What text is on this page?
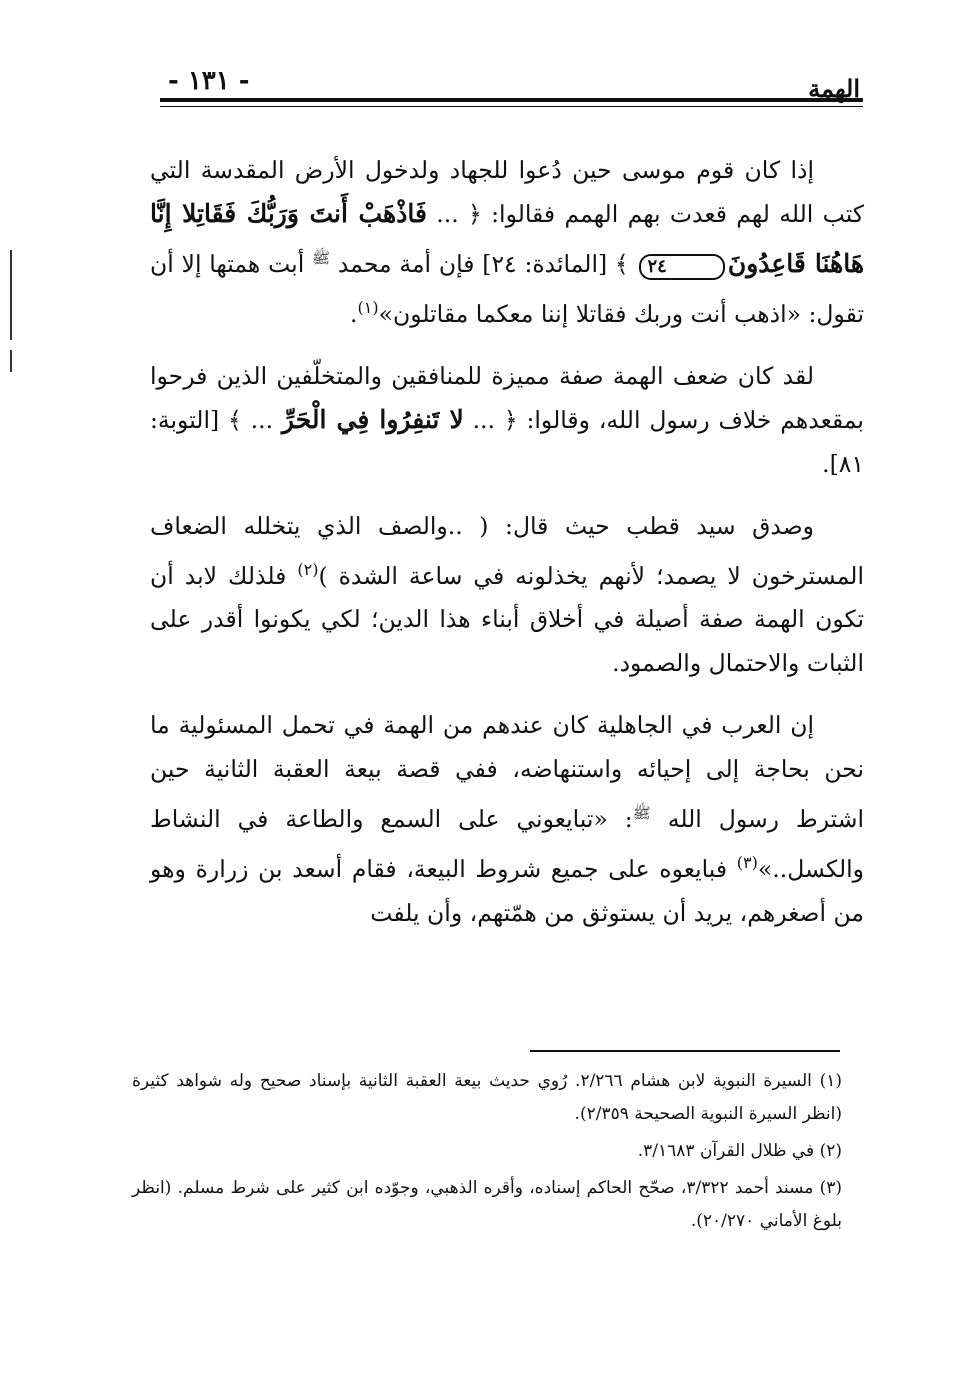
الهمة
- ١٣١ -

إذا كان قوم موسى حين دُعوا للجهاد ولدخول الأرض المقدسة التي كتب الله لهم قعدت بهم الهمم فقالوا: ﴿ ... فَاذْهَبْ أَنتَ وَرَبُّكَ فَقَاتِلا إِنَّا هَاهُنَا قَاعِدُونَ٢٤ ﴾ [المائدة: ٢٤] فإن أمة محمد $^ﷺ$ أبت همتها إلا أن تقول: «اذهب أنت وربك فقاتلا إننا معكما مقاتلون»$^{(١)}$.

لقد كان ضعف الهمة صفة مميزة للمنافقين والمتخلّفين الذين فرحوا بمقعدهم خلاف رسول الله، وقالوا: ﴿ ... لا تَنفِرُوا فِي الْحَرِّ ... ﴾ [التوبة: ٨١].

وصدق سيد قطب حيث قال: ( ..والصف الذي يتخلله الضعاف المسترخون لا يصمد؛ لأنهم يخذلونه في ساعة الشدة )$^{(٢)}$ فلذلك لابد أن تكون الهمة صفة أصيلة في أخلاق أبناء هذا الدين؛ لكي يكونوا أقدر على الثبات والاحتمال والصمود.

إن العرب في الجاهلية كان عندهم من الهمة في تحمل المسئولية ما نحن بحاجة إلى إحيائه واستنهاضه، ففي قصة بيعة العقبة الثانية حين اشترط رسول الله $^ﷺ$: «تبايعوني على السمع والطاعة في النشاط والكسل..»$^{(٣)}$ فبايعوه على جميع شروط البيعة، فقام أسعد بن زرارة وهو من أصغرهم، يريد أن يستوثق من همّتهم، وأن يلفت

(١) السيرة النبوية لابن هشام ٢/٢٦٦. رُوي حديث بيعة العقبة الثانية بإسناد صحيح وله شواهد كثيرة (انظر السيرة النبوية الصحيحة ٢/٣٥٩).

(٢) في ظلال القرآن ٣/١٦٨٣.

(٣) مسند أحمد ٣/٣٢٢، صحّح الحاكم إسناده، وأقره الذهبي، وجوّده ابن كثير على شرط مسلم. (انظر بلوغ الأماني ٢٠/٢٧٠).
